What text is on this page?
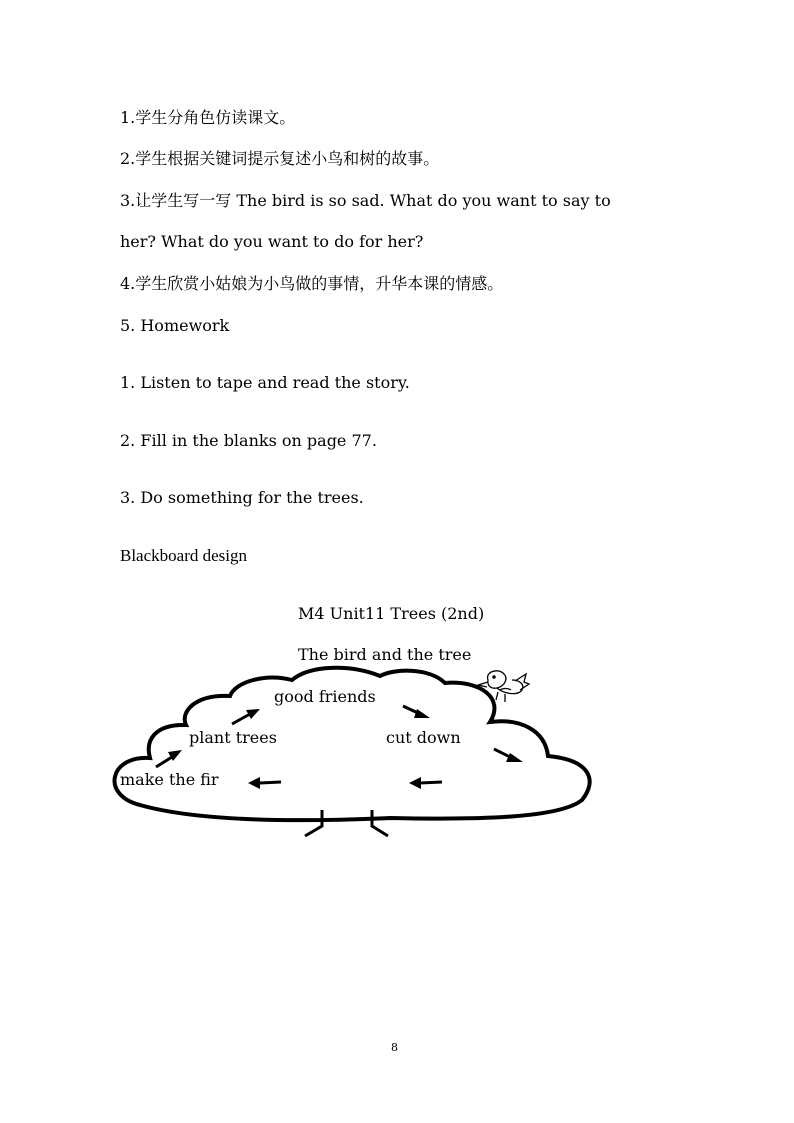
1.学生分角色仿读课文。
2.学生根据关键词提示复述小鸟和树的故事。
3.让学生写一写 The bird is so sad. What do you want to say to
her? What do you want to do for her?
4.学生欣赏小姑娘为小鸟做的事情，升华本课的情感。
5. Homework
1. Listen to tape and read the story.
2. Fill in the blanks on page 77.
3. Do something for the trees.
Blackboard design
M4 Unit11 Trees (2nd)
The bird and the tree
good friends
plant trees	cut down
make the fir
8
